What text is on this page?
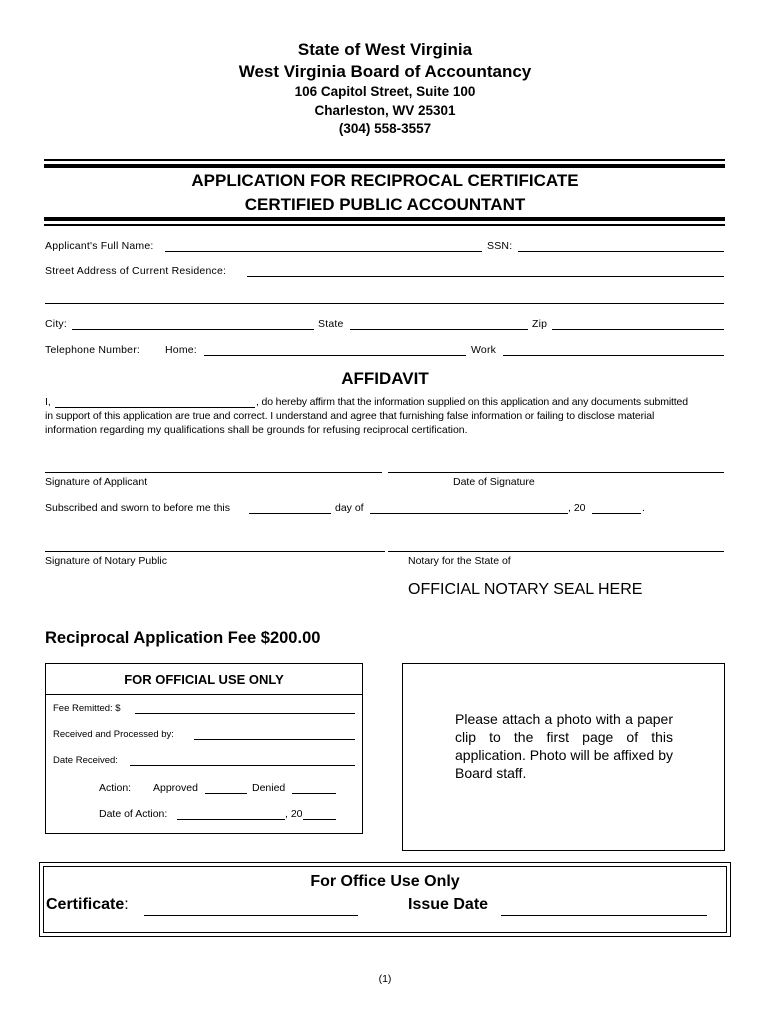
State of West Virginia
West Virginia Board of Accountancy
106 Capitol Street, Suite 100
Charleston, WV 25301
(304) 558-3557
APPLICATION FOR RECIPROCAL CERTIFICATE
CERTIFIED PUBLIC ACCOUNTANT
Applicant's Full Name:	SSN:
Street Address of Current Residence:
City:	State	Zip
Telephone Number: Home:	Work
AFFIDAVIT
I,	, do hereby affirm that the information supplied on this application and any documents submitted
in support of this application are true and correct. I understand and agree that furnishing false information or failing to disclose material
information regarding my qualifications shall be grounds for refusing reciprocal certification.
Signature of Applicant	Date of Signature
Subscribed and sworn to before me this	day of	, 20	.
Signature of Notary Public	Notary for the State of
OFFICIAL NOTARY SEAL HERE
Reciprocal Application Fee $200.00
FOR OFFICIAL USE ONLY
Fee Remitted: $
Received and Processed by:
Date Received:
Action: Approved	Denied
Date of Action:	, 20
Please attach a photo with a paper clip to the first page of this application. Photo will be affixed by Board staff.
For Office Use Only
Certificate:	Issue Date
(1)
